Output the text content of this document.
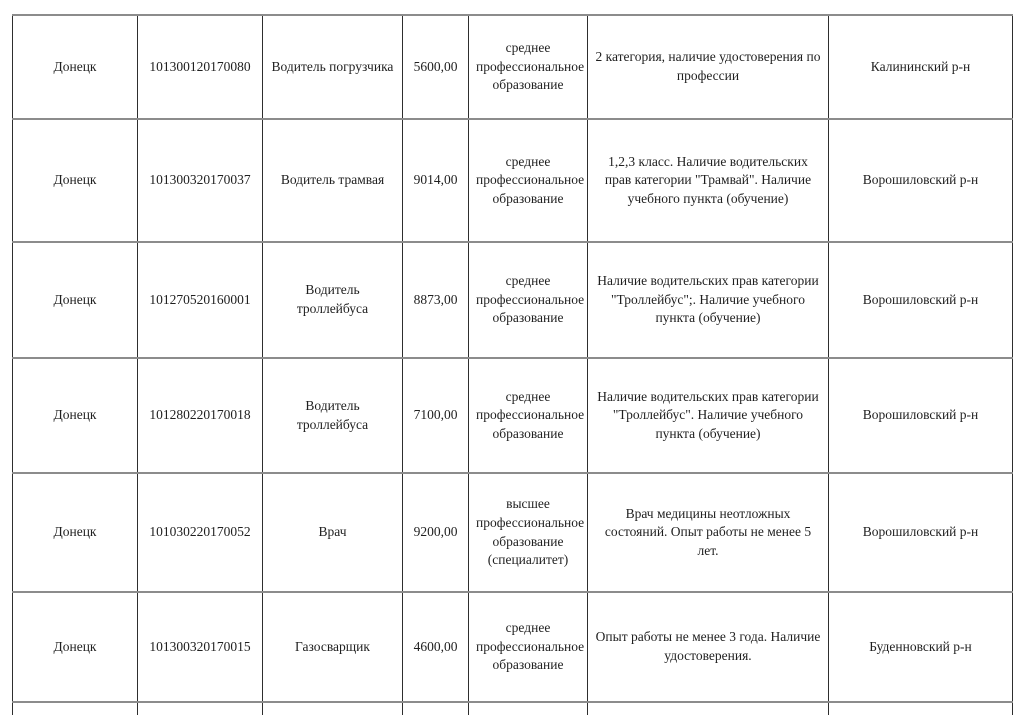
Донецк	101300120170080	Водитель погрузчика	5600,00	среднее профессиональное образование	2 категория, наличие удостоверения по профессии	Калининский р-н
Донецк	101300320170037	Водитель трамвая	9014,00	среднее профессиональное образование	1,2,3 класс. Наличие водительских прав категории "Трамвай". Наличие учебного пункта (обучение)	Ворошиловский р-н
Донецк	101270520160001	Водитель троллейбуса	8873,00	среднее профессиональное образование	Наличие водительских прав категории "Троллейбус";. Наличие учебного пункта (обучение)	Ворошиловский р-н
Донецк	101280220170018	Водитель троллейбуса	7100,00	среднее профессиональное образование	Наличие водительских прав категории "Троллейбус". Наличие учебного пункта (обучение)	Ворошиловский р-н
Донецк	101030220170052	Врач	9200,00	высшее профессиональное образование (специалитет)	Врач медицины неотложных состояний. Опыт работы не менее 5 лет.	Ворошиловский р-н
Донецк	101300320170015	Газосварщик	4600,00	среднее профессиональное образование	Опыт работы не менее 3 года. Наличие удостоверения.	Буденновский р-н
